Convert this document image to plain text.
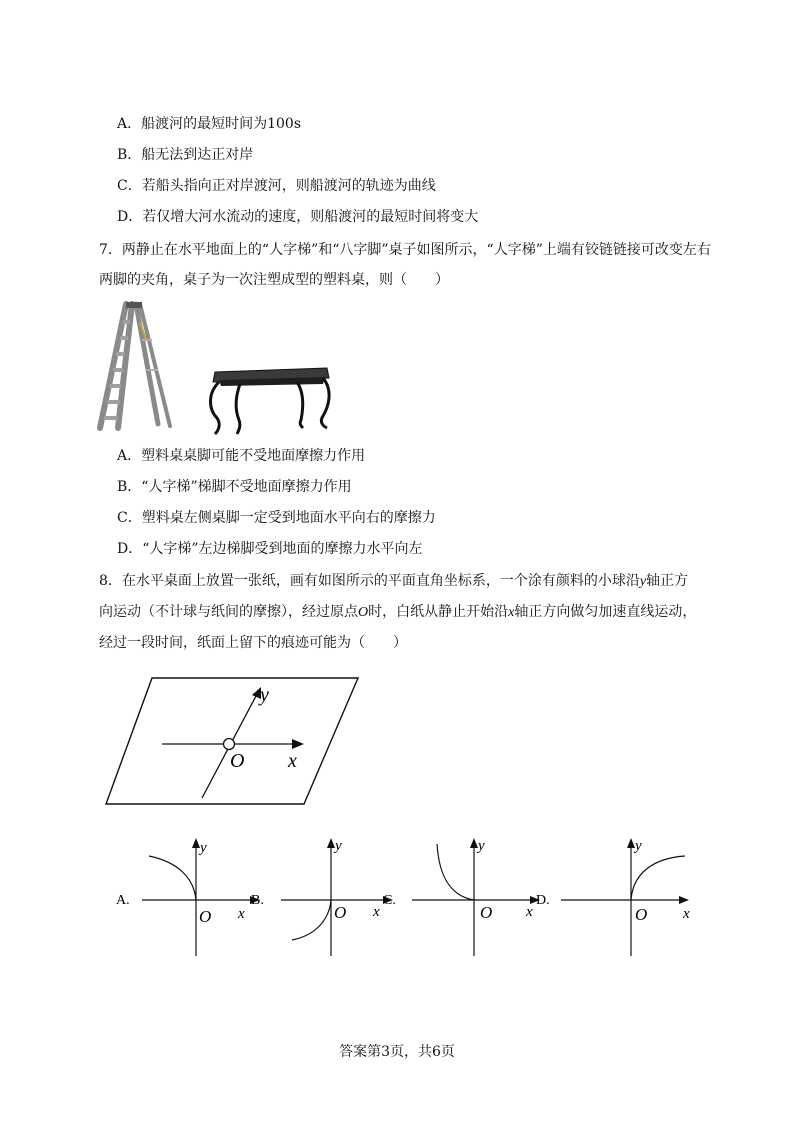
A．船渡河的最短时间为100s
B．船无法到达正对岸
C．若船头指向正对岸渡河，则船渡河的轨迹为曲线
D．若仅增大河水流动的速度，则船渡河的最短时间将变大
7．两静止在水平地面上的“人字梯”和“八字脚”桌子如图所示，“人字梯”上端有铰链链接可改变左右
两脚的夹角，桌子为一次注塑成型的塑料桌，则（　　）
A．塑料桌桌脚可能不受地面摩擦力作用
B．“人字梯”梯脚不受地面摩擦力作用
C．塑料桌左侧桌脚一定受到地面水平向右的摩擦力
D．“人字梯”左边梯脚受到地面的摩擦力水平向左
8．在水平桌面上放置一张纸，画有如图所示的平面直角坐标系，一个涂有颜料的小球沿y轴正方
向运动（不计球与纸间的摩擦），经过原点O时，白纸从静止开始沿x轴正方向做匀加速直线运动，
经过一段时间，纸面上留下的痕迹可能为（　　）
y
x
O
A.
y
x
O
B.
y
x
O
C.
y
x
O
D.
y
x
O
答案第3页，共6页
